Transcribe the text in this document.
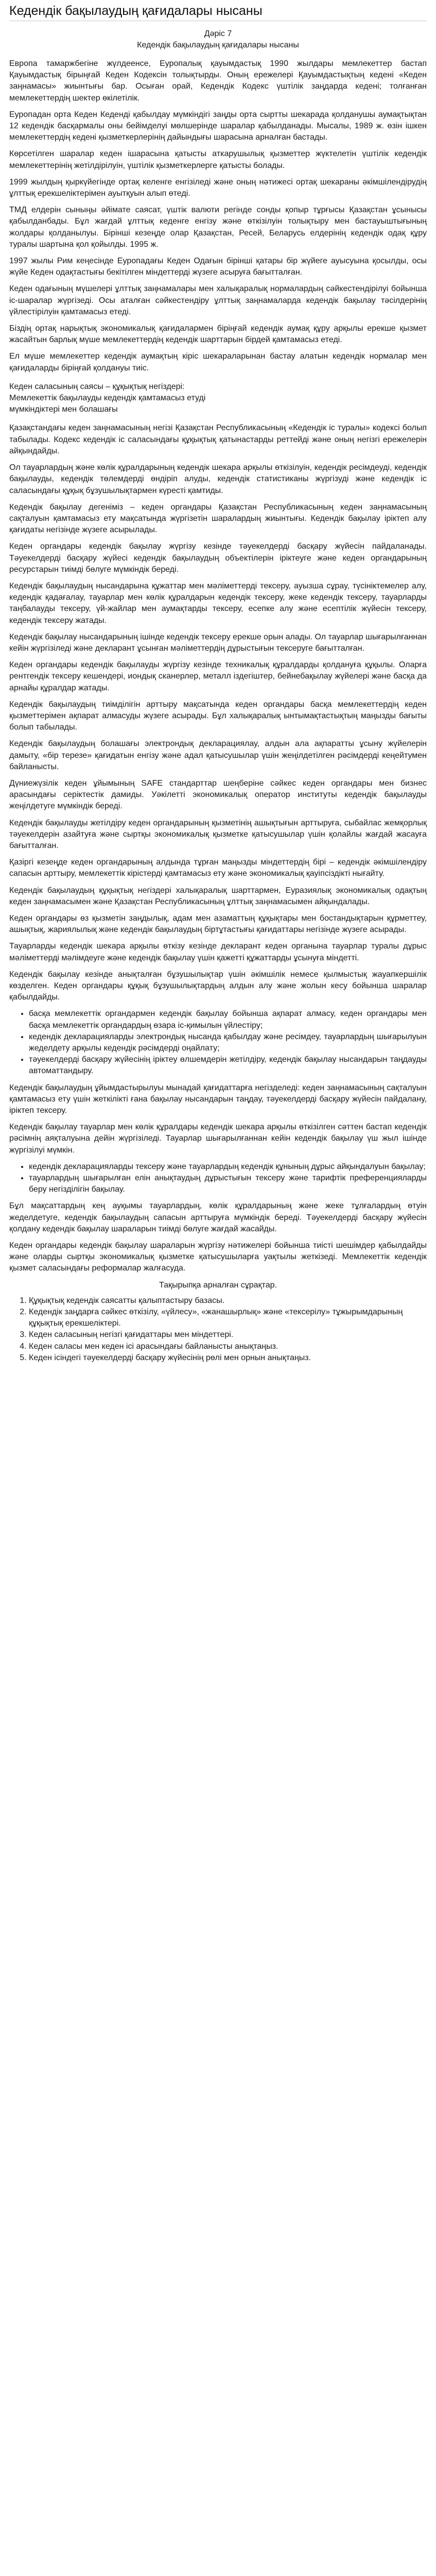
Кедендік бақылаудың қағидалары нысаны

Дәріс 7

Кедендік бақылаудың қағидалары нысаны

Европа тамаржбегіне жүлдеенсе, Еуропалық қауымдастық 1990 жылдары мемлекеттер бастап Қауымдастық бірыңғай Кеден Кодексін толықтырды. Оның ережелері Қауымдастықтың кедені «Кеден заңнамасы» жиынтығы бар. Осыған орай, Кедендік Кодекс үштілік заңдарда кедені; толғанған мемлекеттердің шектер өкілетілік.

Еуропадан орта Кеден Кеденді қабылдау мүмкіндігі заңды орта сыртты шекарада қолданушы аумақтықтан 12 кедендік басқармалы оны бейімделуі мөлшерінде шаралар қабылданады. Мысалы, 1989 ж. өзін ішкен мемлекеттердің кедені қызметкерлерінің дайындығы шарасына арналған бастады.

Көрсетілген шаралар кеден ішарасына қатысты аткарушылық қызметтер жүктелетін үштілік кедендік мемлекеттерінің жетілдірілуін, үштілік қызметкерлерге қатысты болады.

1999 жылдың қыркүйегінде ортақ келенге енгізіледі және оның нәтижесі ортақ шекараны әкімшілендірудің ұлттық ерекшеліктерімен ауытқуын алып өтеді.

ТМД елдерін сыныңы әйімате саясат, үштік валюти регінде сонды қопыр тұрғысы Қазақстан ұсынысы қабылданбады. Бұл жағдай ұлттық кеденге енгізу және өткізілуін толықтыру мен бастауыштығының жолдары қолданылуы. Бірінші кезеңде олар Қазақстан, Ресей, Беларусь елдерінің кедендік одақ құру туралы шартына қол қойылды. 1995 ж.

1997 жылы Рим кеңесінде Еуропадағы Кеден Одағын бірінші қатары бір жүйеге ауысуына қосылды, осы жүйе Кеден одақтастығы бекітілген міндеттерді жүзеге асыруға бағытталған.

Кеден одағының мүшелері ұлттық заңнамалары мен халықаралық нормалардың сәйкестендірілуі бойынша іс-шаралар жүргізеді. Осы аталған сәйкестендіру ұлттық заңнамаларда кедендік бақылау тәсілдерінің үйлестірілуін қамтамасыз етеді.

Біздің ортақ нарықтық экономикалық қағидалармен біріңғай кедендік аумақ құру арқылы ерекше қызмет жасайтын барлық мүше мемлекеттердің кедендік шарттарын бірдей қамтамасыз етеді.

Ел мүше мемлекеттер кедендік аумақтың кіріс шекараларынан бастау алатын кедендік нормалар мен қағидаларды біріңғай қолдануы тиіс.

Кеден саласының саясы – құқықтық негіздері:

Мемлекеттік бақылауды кедендік қамтамасыз етуді

мүмкіндіктері мен болашағы

Қазақстандағы кеден заңнамасының негізі Қазақстан Республикасының «Кедендік іс туралы» кодексі болып табылады. Кодекс кедендік іс саласындағы құқықтық қатынастарды реттейді және оның негізгі ережелерін айқындайды.

Ол тауарлардың және көлік құралдарының кедендік шекара арқылы өткізілуін, кедендік ресімдеуді, кедендік бақылауды, кедендік төлемдерді өндіріп алуды, кедендік статистиканы жүргізуді және кедендік іс саласындағы құқық бұзушылықтармен күресті қамтиды.

Кедендік бақылау дегеніміз – кеден органдары Қазақстан Республикасының кеден заңнамасының сақталуын қамтамасыз ету мақсатында жүргізетін шаралардың жиынтығы. Кедендік бақылау іріктеп алу қағидаты негізінде жүзеге асырылады.

Кеден органдары кедендік бақылау жүргізу кезінде тәуекелдерді басқару жүйесін пайдаланады. Тәуекелдерді басқару жүйесі кедендік бақылаудың объектілерін іріктеуге және кеден органдарының ресурстарын тиімді бөлуге мүмкіндік береді.

Кедендік бақылаудың нысандарына құжаттар мен мәліметтерді тексеру, ауызша сұрау, түсініктемелер алу, кедендік қадағалау, тауарлар мен көлік құралдарын кедендік тексеру, жеке кедендік тексеру, тауарларды таңбалауды тексеру, үй-жайлар мен аумақтарды тексеру, есепке алу және есептілік жүйесін тексеру, кедендік тексеру жатады.

Кедендік бақылау нысандарының ішінде кедендік тексеру ерекше орын алады. Ол тауарлар шығарылғаннан кейін жүргізіледі және декларант ұсынған мәліметтердің дұрыстығын тексеруге бағытталған.

Кеден органдары кедендік бақылауды жүргізу кезінде техникалық құралдарды қолдануға құқылы. Оларға рентгендік тексеру кешендері, иондық сканерлер, металл іздегіштер, бейнебақылау жүйелері және басқа да арнайы құралдар жатады.

Кедендік бақылаудың тиімділігін арттыру мақсатында кеден органдары басқа мемлекеттердің кеден қызметтерімен ақпарат алмасуды жүзеге асырады. Бұл халықаралық ынтымақтастықтың маңызды бағыты болып табылады.

Кедендік бақылаудың болашағы электрондық декларациялау, алдын ала ақпаратты ұсыну жүйелерін дамыту, «бір терезе» қағидатын енгізу және адал қатысушылар үшін жеңілдетілген рәсімдерді кеңейтумен байланысты.

Дүниежүзілік кеден ұйымының SAFE стандарттар шеңберіне сәйкес кеден органдары мен бизнес арасындағы серіктестік дамиды. Уәкілетті экономикалық оператор институты кедендік бақылауды жеңілдетуге мүмкіндік береді.

Кедендік бақылауды жетілдіру кеден органдарының қызметінің ашықтығын арттыруға, сыбайлас жемқорлық тәуекелдерін азайтуға және сыртқы экономикалық қызметке қатысушылар үшін қолайлы жағдай жасауға бағытталған.

Қазіргі кезеңде кеден органдарының алдында тұрған маңызды міндеттердің бірі – кедендік әкімшілендіру сапасын арттыру, мемлекеттік кірістерді қамтамасыз ету және экономикалық қауіпсіздікті нығайту.

Кедендік бақылаудың құқықтық негіздері халықаралық шарттармен, Еуразиялық экономикалық одақтың кеден заңнамасымен және Қазақстан Республикасының ұлттық заңнамасымен айқындалады.

Кеден органдары өз қызметін заңдылық, адам мен азаматтың құқықтары мен бостандықтарын құрметтеу, ашықтық, жариялылық және кедендік бақылаудың біртұтастығы қағидаттары негізінде жүзеге асырады.

Тауарларды кедендік шекара арқылы өткізу кезінде декларант кеден органына тауарлар туралы дұрыс мәліметтерді мәлімдеуге және кедендік бақылау үшін қажетті құжаттарды ұсынуға міндетті.

Кедендік бақылау кезінде анықталған бұзушылықтар үшін әкімшілік немесе қылмыстық жауапкершілік көзделген. Кеден органдары құқық бұзушылықтардың алдын алу және жолын кесу бойынша шаралар қабылдайды.

• басқа мемлекеттік органдармен кедендік бақылау бойынша ақпарат алмасу, кеден органдары мен басқа мемлекеттік органдардың өзара іс-қимылын үйлестіру;
• кедендік декларацияларды электрондық нысанда қабылдау және ресімдеу, тауарлардың шығарылуын жеделдету арқылы кедендік рәсімдерді оңайлату;
• тәуекелдерді басқару жүйесінің іріктеу өлшемдерін жетілдіру, кедендік бақылау нысандарын таңдауды автоматтандыру.

Кедендік бақылаудың ұйымдастырылуы мынадай қағидаттарға негізделеді: кеден заңнамасының сақталуын қамтамасыз ету үшін жеткілікті ғана бақылау нысандарын таңдау, тәуекелдерді басқару жүйесін пайдалану, іріктеп тексеру.

Кедендік бақылау тауарлар мен көлік құралдары кедендік шекара арқылы өткізілген сәттен бастап кедендік рәсімнің аяқталуына дейін жүргізіледі. Тауарлар шығарылғаннан кейін кедендік бақылау үш жыл ішінде жүргізілуі мүмкін.

• кедендік декларацияларды тексеру және тауарлардың кедендік құнының дұрыс айқындалуын бақылау;
• тауарлардың шығарылған елін анықтаудың дұрыстығын тексеру және тарифтік преференцияларды беру негізділігін бақылау.

Бұл мақсаттардың кең ауқымы тауарлардың, көлік құралдарының және жеке тұлғалардың өтуін жеделдетуге, кедендік бақылаудың сапасын арттыруға мүмкіндік береді. Тәуекелдерді басқару жүйесін қолдану кедендік бақылау шараларын тиімді бөлуге жағдай жасайды.

Кеден органдары кедендік бақылау шараларын жүргізу нәтижелері бойынша тиісті шешімдер қабылдайды және оларды сыртқы экономикалық қызметке қатысушыларға уақтылы жеткізеді. Мемлекеттік кедендік қызмет саласындағы реформалар жалғасуда.

Тақырыпқа арналған сұрақтар.

1. Құқықтық кедендік саясатты қалыптастыру базасы.
2. Кедендік заңдарға сәйкес өткізілу, «үйлесу», «жанашырлық» және «тексерілу» тұжырымдарының құқықтық ерекшеліктері.
3. Кеден саласының негізгі қағидаттары мен міндеттері.
4. Кеден саласы мен кеден ісі арасындағы байланысты анықтаңыз.
5. Кеден ісіндегі тәуекелдерді басқару жүйесінің рөлі мен орнын анықтаңыз.
